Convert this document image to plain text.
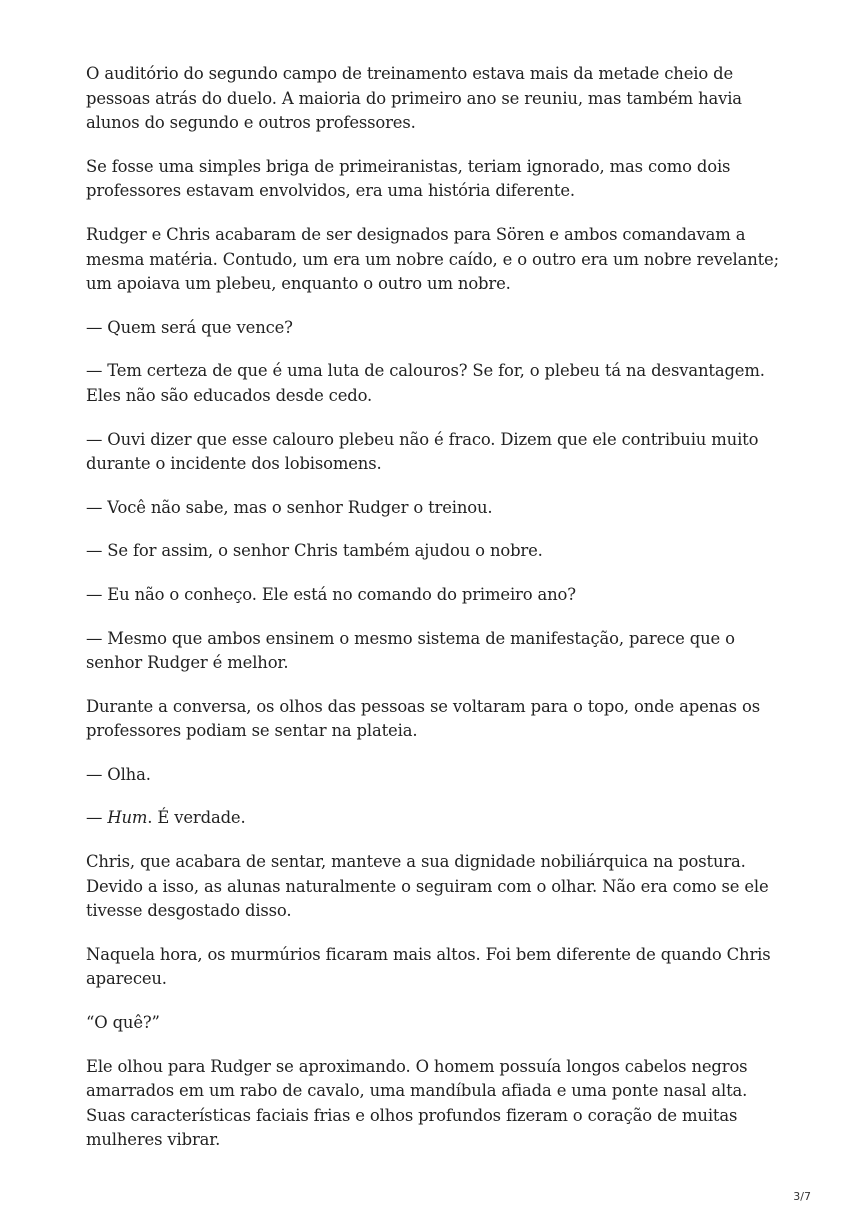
O auditório do segundo campo de treinamento estava mais da metade cheio de pessoas atrás do duelo. A maioria do primeiro ano se reuniu, mas também havia alunos do segundo e outros professores.

Se fosse uma simples briga de primeiranistas, teriam ignorado, mas como dois professores estavam envolvidos, era uma história diferente.

Rudger e Chris acabaram de ser designados para Sören e ambos comandavam a mesma matéria. Contudo, um era um nobre caído, e o outro era um nobre revelante; um apoiava um plebeu, enquanto o outro um nobre.

— Quem será que vence?

— Tem certeza de que é uma luta de calouros? Se for, o plebeu tá na desvantagem. Eles não são educados desde cedo.

— Ouvi dizer que esse calouro plebeu não é fraco. Dizem que ele contribuiu muito durante o incidente dos lobisomens.

— Você não sabe, mas o senhor Rudger o treinou.

— Se for assim, o senhor Chris também ajudou o nobre.

— Eu não o conheço. Ele está no comando do primeiro ano?

— Mesmo que ambos ensinem o mesmo sistema de manifestação, parece que o senhor Rudger é melhor.

Durante a conversa, os olhos das pessoas se voltaram para o topo, onde apenas os professores podiam se sentar na plateia.

— Olha.

— Hum. É verdade.

Chris, que acabara de sentar, manteve a sua dignidade nobiliárquica na postura. Devido a isso, as alunas naturalmente o seguiram com o olhar. Não era como se ele tivesse desgostado disso.

Naquela hora, os murmúrios ficaram mais altos. Foi bem diferente de quando Chris apareceu.

“O quê?”

Ele olhou para Rudger se aproximando. O homem possuía longos cabelos negros amarrados em um rabo de cavalo, uma mandíbula afiada e uma ponte nasal alta. Suas características faciais frias e olhos profundos fizeram o coração de muitas mulheres vibrar.

3/7
